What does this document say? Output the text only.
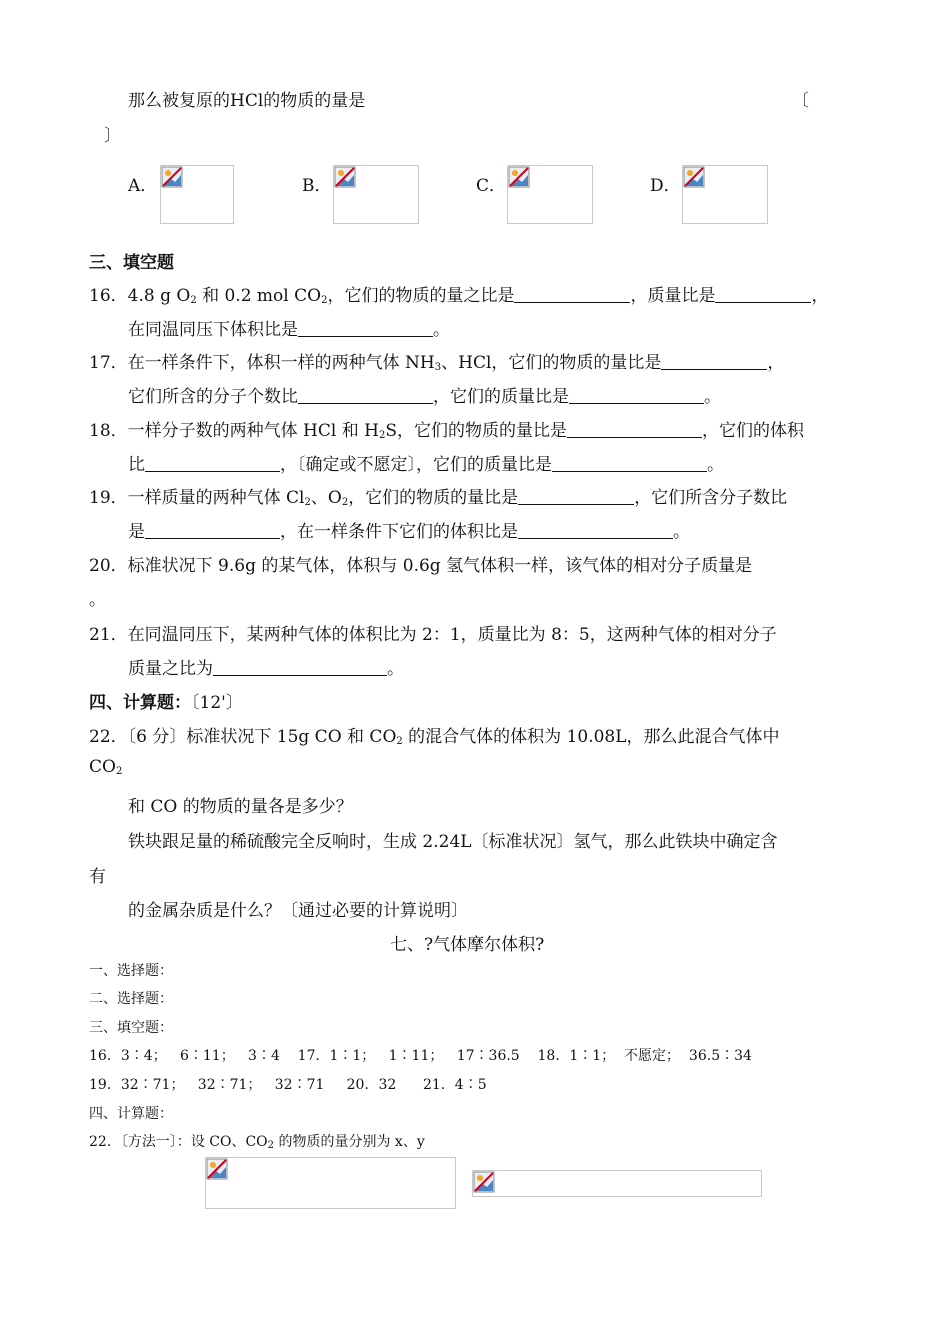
那么被复原的HCl的物质的量是	〔
〕
A．	B．	C．	D．
三、填空题
16．4.8 g $O_2$ 和 0.2 mol $CO_2$，它们的物质的量之比是	，质量比是	，
在同温同压下体积比是	。
17．在一样条件下，体积一样的两种气体 $NH_3$、HCl，它们的物质的量比是	，
它们所含的分子个数比	，它们的质量比是	。
18．一样分子数的两种气体 HCl 和 $H_2S$，它们的物质的量比是	，它们的体积
比	，〔确定或不愿定〕，它们的质量比是	。
19．一样质量的两种气体 $Cl_2$、$O_2$，它们的物质的量比是	，它们所含分子数比
是	，在一样条件下它们的体积比是	。
20．标准状况下 9.6g 的某气体，体积与 0.6g 氢气体积一样，该气体的相对分子质量是
。
21．在同温同压下，某两种气体的体积比为 2：1，质量比为 8：5，这两种气体的相对分子
质量之比为	。
四、计算题：〔12'〕
22．〔6 分〕标准状况下 15g CO 和 $CO_2$ 的混合气体的体积为 10.08L，那么此混合气体中
$CO_2$
和 CO 的物质的量各是多少？
铁块跟足量的稀硫酸完全反响时，生成 2.24L〔标准状况〕氢气，那么此铁块中确定含
有
的金属杂质是什么？〔通过必要的计算说明〕
七、?气体摩尔体积?
一、选择题：
二、选择题：
三、填空题：
16．3∶4；   6∶11；   3∶4    17．1∶1；   1∶11；   17∶36.5    18．1∶1；  不愿定；  36.5∶34
19．32∶71；   32∶71；   32∶71     20．32      21．4∶5
四、计算题：
22．〔方法一〕：设 CO、$CO_2$ 的物质的量分别为 x、y
